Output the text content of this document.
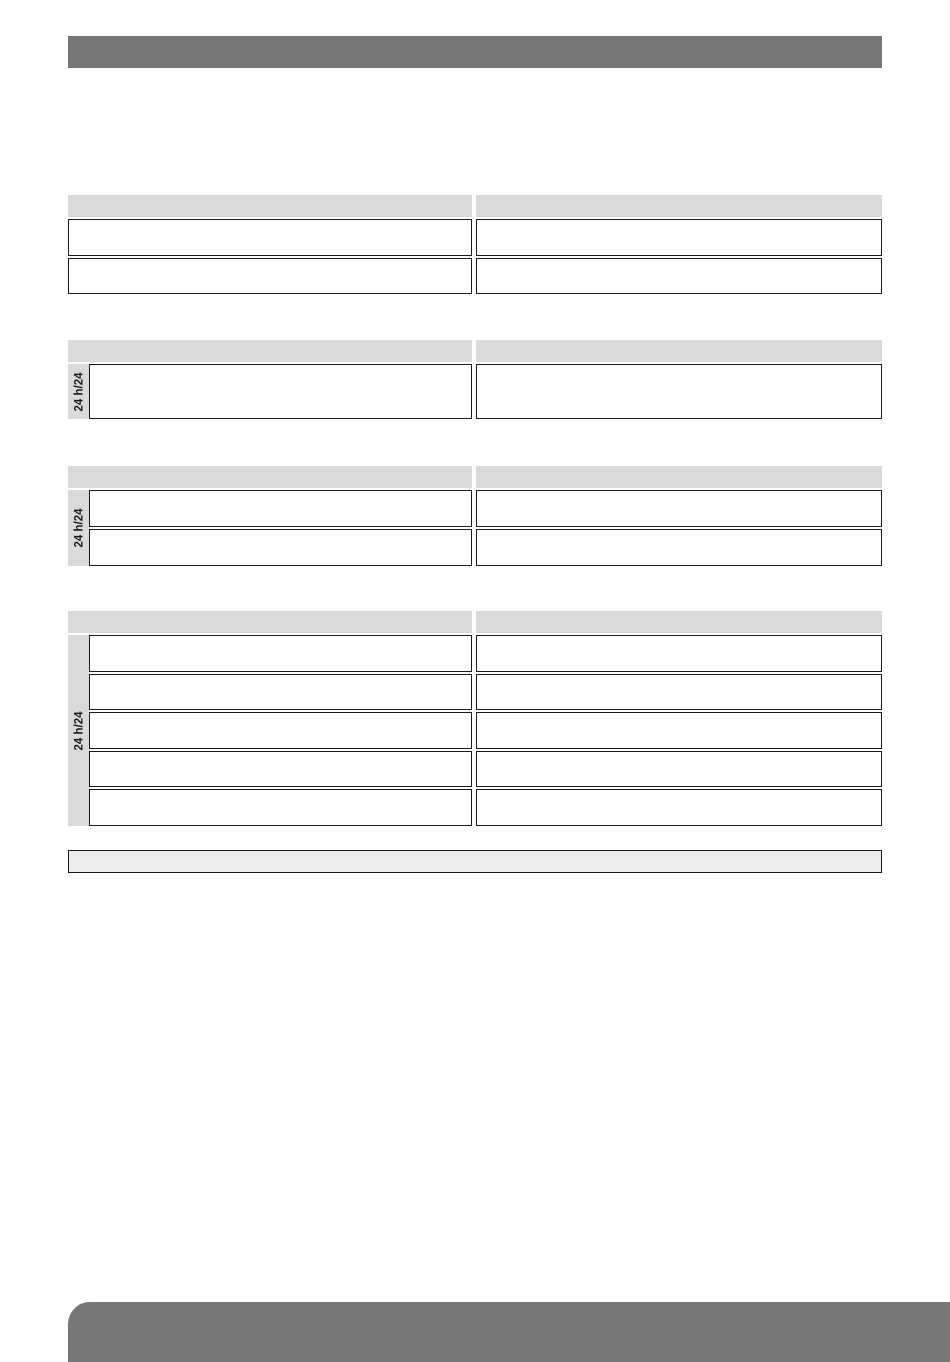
24 h/24
24 h/24
24 h/24
